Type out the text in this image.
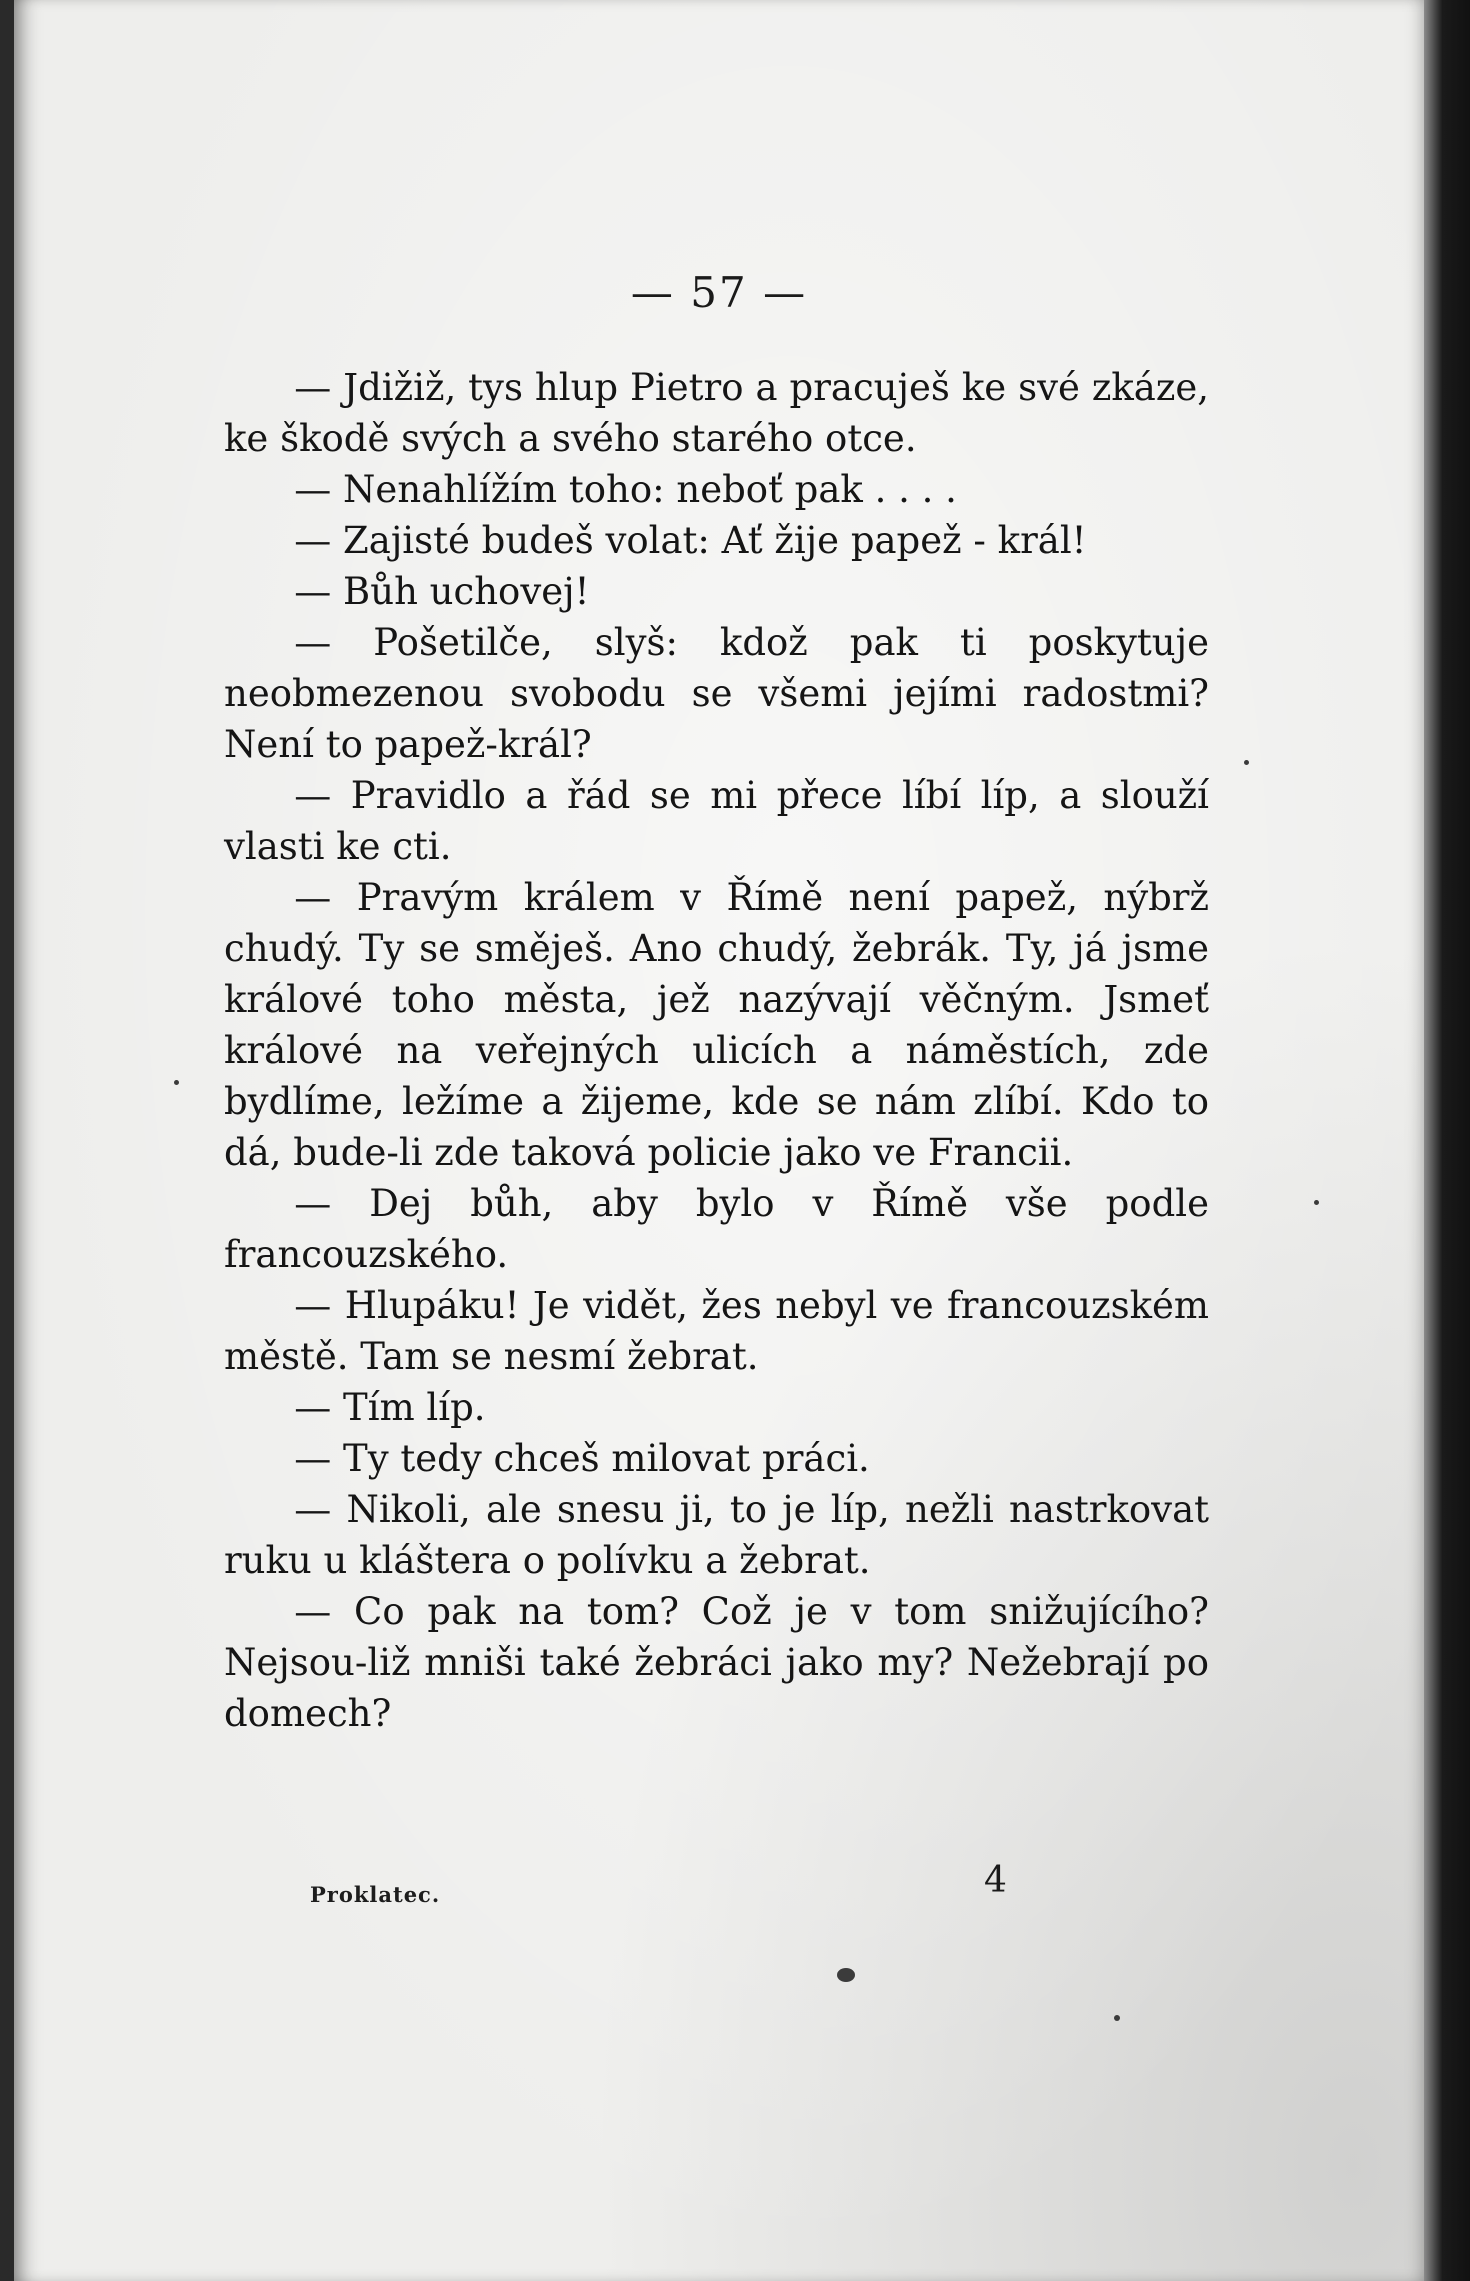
— 57 —

— Jdižiž, tys hlup Pietro a pracuješ ke své zkáze, ke škodě svých a svého starého otce.

— Nenahlížím toho: neboť pak . . . .

— Zajisté budeš volat: Ať žije papež - král!

— Bůh uchovej!

— Pošetilče, slyš: kdož pak ti poskytuje neobmezenou svobodu se všemi jejími radostmi? Není to papež-král?

— Pravidlo a řád se mi přece líbí líp, a slouží vlasti ke cti.

— Pravým králem v Římě není papež, nýbrž chudý. Ty se směješ. Ano chudý, žebrák. Ty, já jsme králové toho města, jež nazývají věčným. Jsmeť králové na veřejných ulicích a náměstích, zde bydlíme, ležíme a žijeme, kde se nám zlíbí. Kdo to dá, bude-li zde taková policie jako ve Francii.

— Dej bůh, aby bylo v Římě vše podle francouzského.

— Hlupáku! Je vidět, žes nebyl ve francouzském městě. Tam se nesmí žebrat.

— Tím líp.

— Ty tedy chceš milovat práci.

— Nikoli, ale snesu ji, to je líp, nežli nastrkovat ruku u kláštera o polívku a žebrat.

— Co pak na tom? Což je v tom snižujícího? Nejsou-liž mniši také žebráci jako my? Nežebrají po domech?

Proklatec.	4
